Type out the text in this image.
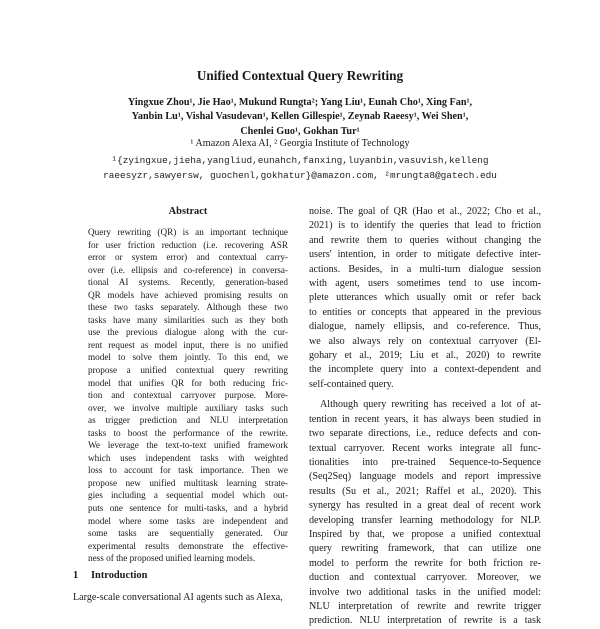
Unified Contextual Query Rewriting
Yingxue Zhou¹, Jie Hao¹, Mukund Rungta²; Yang Liu¹, Eunah Cho¹, Xing Fan¹,
Yanbin Lu¹, Vishal Vasudevan¹, Kellen Gillespie¹, Zeynab Raeesy¹, Wei Shen¹,
Chenlei Guo¹, Gokhan Tur¹
¹ Amazon Alexa AI, ² Georgia Institute of Technology
¹{zyingxue,jieha,yangliud,eunahch,fanxing,luyanbin,vasuvish,kelleng
raeesyzr,sawyersw, guochenl,gokhatur}@amazon.com, ²mrungta8@gatech.edu
Abstract
Query rewriting (QR) is an important technique
for user friction reduction (i.e. recovering ASR
error or system error) and contextual carry-
over (i.e. ellipsis and co-reference) in conversa-
tional AI systems. Recently, generation-based
QR models have achieved promising results on
these two tasks separately. Although these two
tasks have many similarities such as they both
use the previous dialogue along with the cur-
rent request as model input, there is no unified
model to solve them jointly. To this end, we
propose a unified contextual query rewriting
model that unifies QR for both reducing fric-
tion and contextual carryover purpose. More-
over, we involve multiple auxiliary tasks such
as trigger prediction and NLU interpretation
tasks to boost the performance of the rewrite.
We leverage the text-to-text unified framework
which uses independent tasks with weighted
loss to account for task importance. Then we
propose new unified multitask learning strate-
gies including a sequential model which out-
puts one sentence for multi-tasks, and a hybrid
model where some tasks are independent and
some tasks are sequentially generated. Our
experimental results demonstrate the effective-
ness of the proposed unified learning models.
1 Introduction
Large-scale conversational AI agents such as Alexa,
noise. The goal of QR (Hao et al., 2022; Cho et al.,
2021) is to identify the queries that lead to friction
and rewrite them to queries without changing the
users' intention, in order to mitigate defective inter-
actions. Besides, in a multi-turn dialogue session
with agent, users sometimes tend to use incom-
plete utterances which usually omit or refer back
to entities or concepts that appeared in the previous
dialogue, namely ellipsis, and co-reference. Thus,
we also always rely on contextual carryover (El-
gohary et al., 2019; Liu et al., 2020) to rewrite
the incomplete query into a context-dependent and
self-contained query.
Although query rewriting has received a lot of at-
tention in recent years, it has always been studied in
two separate directions, i.e., reduce defects and con-
textual carryover. Recent works integrate all func-
tionalities into pre-trained Sequence-to-Sequence
(Seq2Seq) language models and report impressive
results (Su et al., 2021; Raffel et al., 2020). This
synergy has resulted in a great deal of recent work
developing transfer learning methodology for NLP.
Inspired by that, we propose a unified contextual
query rewriting framework, that can utilize one
model to perform the rewrite for both friction re-
duction and contextual carryover. Moreover, we
involve two additional tasks in the unified model:
NLU interpretation of rewrite and rewrite trigger
prediction. NLU interpretation of rewrite is a task
